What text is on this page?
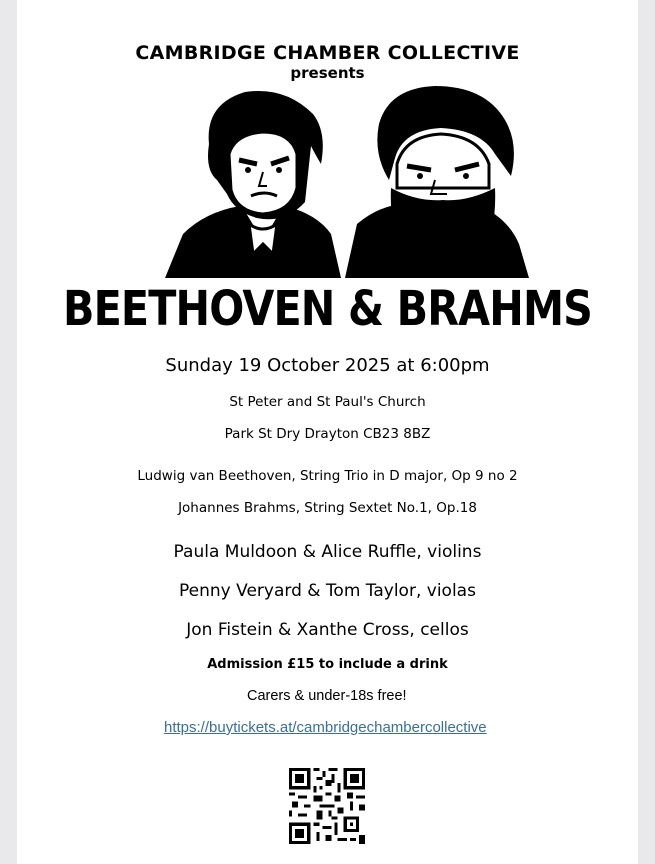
CAMBRIDGE CHAMBER COLLECTIVE
presents
BEETHOVEN & BRAHMS
Sunday 19 October 2025 at 6:00pm
St Peter and St Paul's Church
Park St Dry Drayton CB23 8BZ
Ludwig van Beethoven, String Trio in D major, Op 9 no 2
Johannes Brahms, String Sextet No.1, Op.18
Paula Muldoon & Alice Ruffle, violins
Penny Veryard & Tom Taylor, violas
Jon Fistein & Xanthe Cross, cellos
Admission £15 to include a drink
Carers & under-18s free!
https://buytickets.at/cambridgechambercollective
